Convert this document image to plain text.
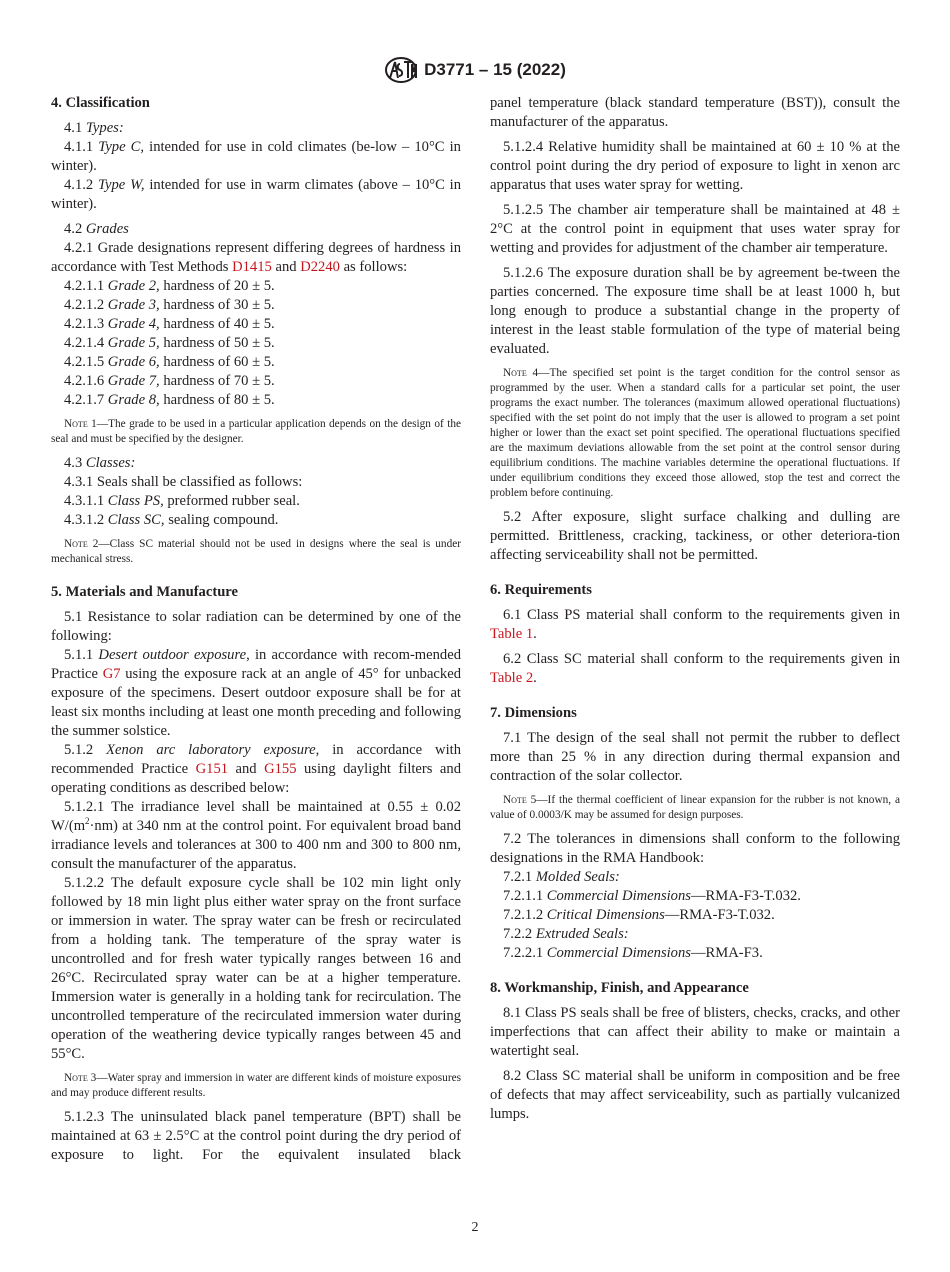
D3771 – 15 (2022)
4. Classification
4.1 Types:
4.1.1 Type C, intended for use in cold climates (be-low – 10°C in winter).
4.1.2 Type W, intended for use in warm climates (above – 10°C in winter).
4.2 Grades
4.2.1 Grade designations represent differing degrees of hardness in accordance with Test Methods D1415 and D2240 as follows:
4.2.1.1 Grade 2, hardness of 20 ± 5.
4.2.1.2 Grade 3, hardness of 30 ± 5.
4.2.1.3 Grade 4, hardness of 40 ± 5.
4.2.1.4 Grade 5, hardness of 50 ± 5.
4.2.1.5 Grade 6, hardness of 60 ± 5.
4.2.1.6 Grade 7, hardness of 70 ± 5.
4.2.1.7 Grade 8, hardness of 80 ± 5.
Note 1—The grade to be used in a particular application depends on the design of the seal and must be specified by the designer.
4.3 Classes:
4.3.1 Seals shall be classified as follows:
4.3.1.1 Class PS, preformed rubber seal.
4.3.1.2 Class SC, sealing compound.
Note 2—Class SC material should not be used in designs where the seal is under mechanical stress.
5. Materials and Manufacture
5.1 Resistance to solar radiation can be determined by one of the following:
5.1.1 Desert outdoor exposure, in accordance with recom-mended Practice G7 using the exposure rack at an angle of 45° for unbacked exposure of the specimens. Desert outdoor exposure shall be for at least six months including at least one month preceding and following the summer solstice.
5.1.2 Xenon arc laboratory exposure, in accordance with recommended Practice G151 and G155 using daylight filters and operating conditions as described below:
5.1.2.1 The irradiance level shall be maintained at 0.55 ± 0.02 $W/(m^2\cdot nm)$ at 340 nm at the control point. For equivalent broad band irradiance levels and tolerances at 300 to 400 nm and 300 to 800 nm, consult the manufacturer of the apparatus.
5.1.2.2 The default exposure cycle shall be 102 min light only followed by 18 min light plus either water spray on the front surface or immersion in water. The spray water can be fresh or recirculated from a holding tank. The temperature of the spray water is uncontrolled and for fresh water typically ranges between 16 and 26°C. Recirculated spray water can be at a higher temperature. Immersion water is generally in a holding tank for recirculation. The uncontrolled temperature of the recirculated immersion water during operation of the weathering device typically ranges between 45 and 55°C.
Note 3—Water spray and immersion in water are different kinds of moisture exposures and may produce different results.
5.1.2.3 The uninsulated black panel temperature (BPT) shall be maintained at 63 ± 2.5°C at the control point during the dry period of exposure to light. For the equivalent insulated black
panel temperature (black standard temperature (BST)), consult the manufacturer of the apparatus.
5.1.2.4 Relative humidity shall be maintained at 60 ± 10 % at the control point during the dry period of exposure to light in xenon arc apparatus that uses water spray for wetting.
5.1.2.5 The chamber air temperature shall be maintained at 48 ± 2°C at the control point in equipment that uses water spray for wetting and provides for adjustment of the chamber air temperature.
5.1.2.6 The exposure duration shall be by agreement be-tween the parties concerned. The exposure time shall be at least 1000 h, but long enough to produce a substantial change in the property of interest in the least stable formulation of the type of material being evaluated.
Note 4—The specified set point is the target condition for the control sensor as programmed by the user. When a standard calls for a particular set point, the user programs the exact number. The tolerances (maximum allowed operational fluctuations) specified with the set point do not imply that the user is allowed to program a set point higher or lower than the exact set point specified. The operational fluctuations specified are the maximum deviations allowable from the set point at the control sensor during equilibrium conditions. The machine variables determine the operational fluctuations. If under equilibrium conditions they exceed those allowed, stop the test and correct the problem before continuing.
5.2 After exposure, slight surface chalking and dulling are permitted. Brittleness, cracking, tackiness, or other deteriora-tion affecting serviceability shall not be permitted.
6. Requirements
6.1 Class PS material shall conform to the requirements given in Table 1.
6.2 Class SC material shall conform to the requirements given in Table 2.
7. Dimensions
7.1 The design of the seal shall not permit the rubber to deflect more than 25 % in any direction during thermal expansion and contraction of the solar collector.
Note 5—If the thermal coefficient of linear expansion for the rubber is not known, a value of 0.0003/K may be assumed for design purposes.
7.2 The tolerances in dimensions shall conform to the following designations in the RMA Handbook:
7.2.1 Molded Seals:
7.2.1.1 Commercial Dimensions—RMA-F3-T.032.
7.2.1.2 Critical Dimensions—RMA-F3-T.032.
7.2.2 Extruded Seals:
7.2.2.1 Commercial Dimensions—RMA-F3.
8. Workmanship, Finish, and Appearance
8.1 Class PS seals shall be free of blisters, checks, cracks, and other imperfections that can affect their ability to make or maintain a watertight seal.
8.2 Class SC material shall be uniform in composition and be free of defects that may affect serviceability, such as partially vulcanized lumps.
2
